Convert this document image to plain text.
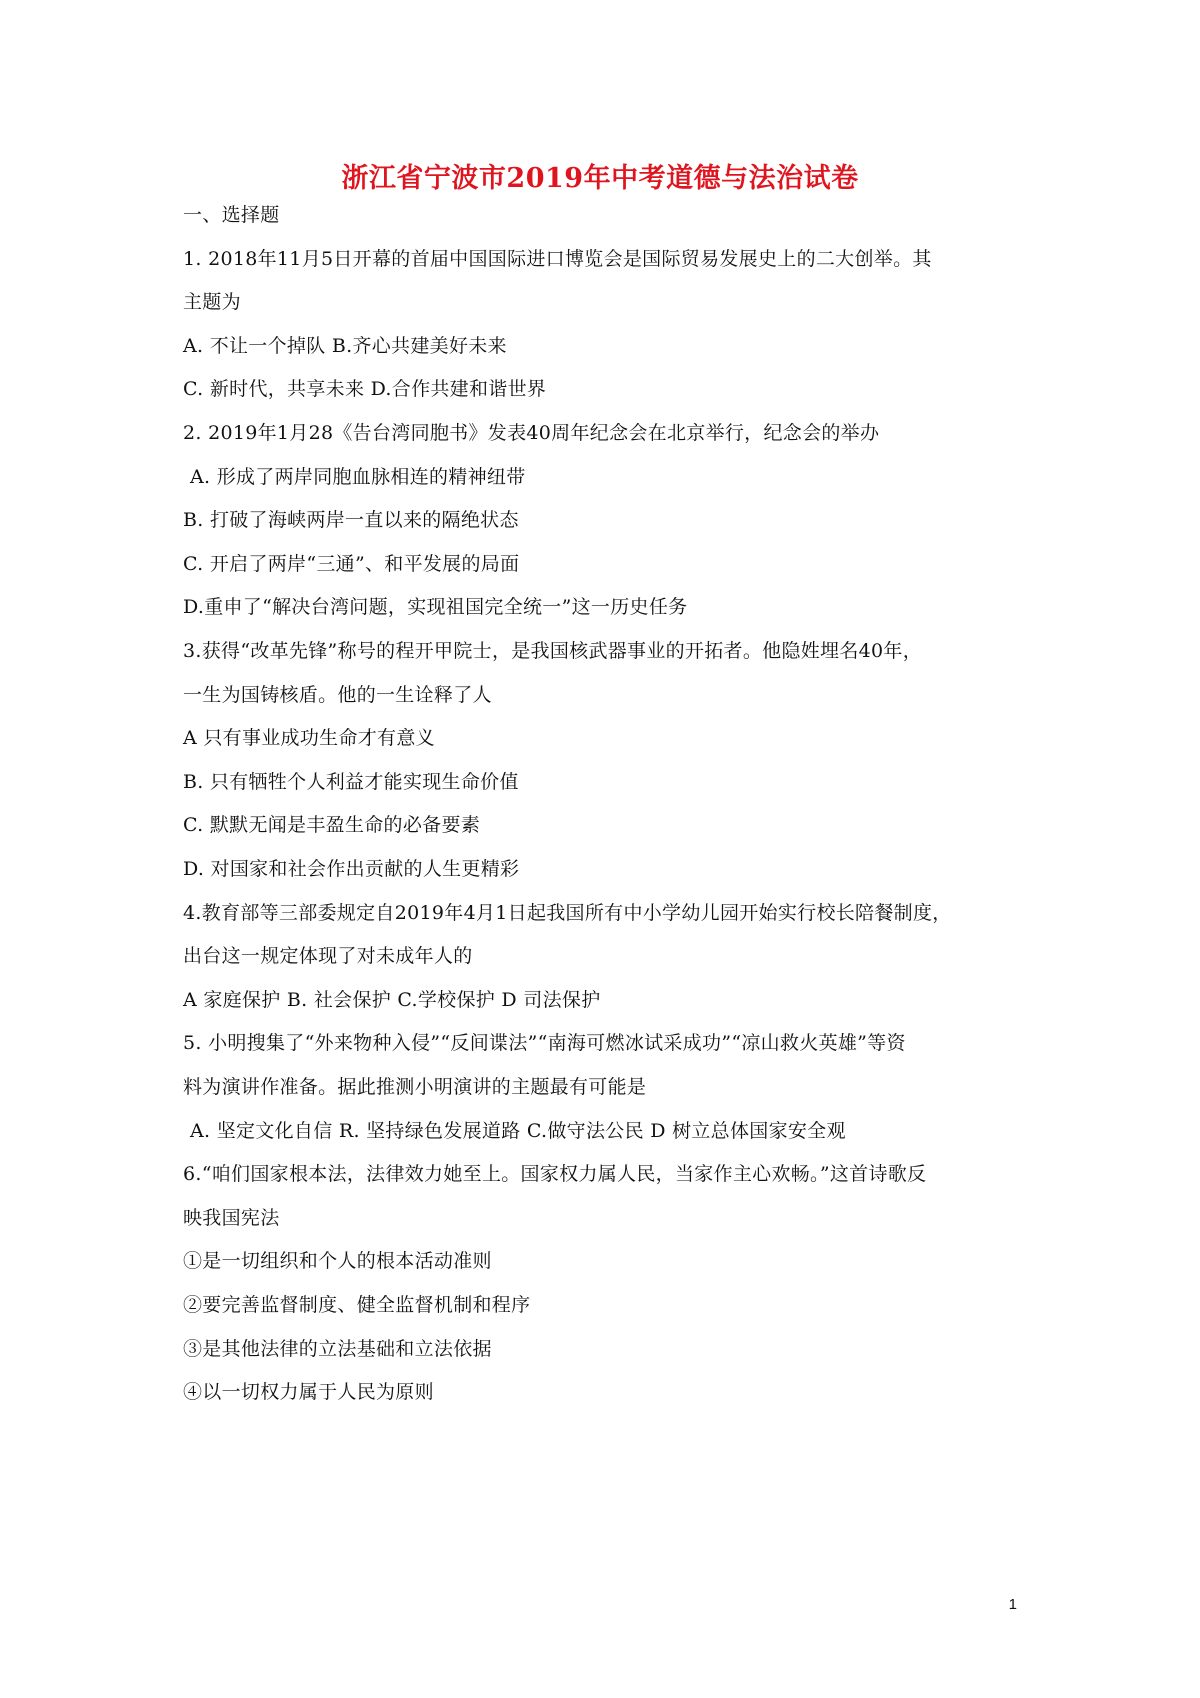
浙江省宁波市2019年中考道德与法治试卷
一、选择题
1. 2018年11月5日开幕的首届中国国际进口博览会是国际贸易发展史上的二大创举。其
主题为
A. 不让一个掉队 B.齐心共建美好未来
C. 新时代，共享未来 D.合作共建和谐世界
2. 2019年1月28《告台湾同胞书》发表40周年纪念会在北京举行，纪念会的举办
A. 形成了两岸同胞血脉相连的精神纽带
B. 打破了海峡两岸一直以来的隔绝状态
C. 开启了两岸“三通”、和平发展的局面
D.重申了“解决台湾问题，实现祖国完全统一”这一历史任务
3.获得“改革先锋”称号的程开甲院士，是我国核武器事业的开拓者。他隐姓埋名40年，
一生为国铸核盾。他的一生诠释了人
A 只有事业成功生命才有意义
B. 只有牺牲个人利益才能实现生命价值
C. 默默无闻是丰盈生命的必备要素
D. 对国家和社会作出贡献的人生更精彩
4.教育部等三部委规定自2019年4月1日起我国所有中小学幼儿园开始实行校长陪餐制度，
出台这一规定体现了对未成年人的
A 家庭保护 B. 社会保护 C.学校保护 D 司法保护
5. 小明搜集了“外来物种入侵”“反间谍法”“南海可燃冰试采成功”“凉山救火英雄”等资
料为演讲作准备。据此推测小明演讲的主题最有可能是
A. 坚定文化自信 R. 坚持绿色发展道路 C.做守法公民 D 树立总体国家安全观
6.“咱们国家根本法，法律效力她至上。国家权力属人民，当家作主心欢畅。”这首诗歌反
映我国宪法
①是一切组织和个人的根本活动准则
②要完善监督制度、健全监督机制和程序
③是其他法律的立法基础和立法依据
④以一切权力属于人民为原则
1
